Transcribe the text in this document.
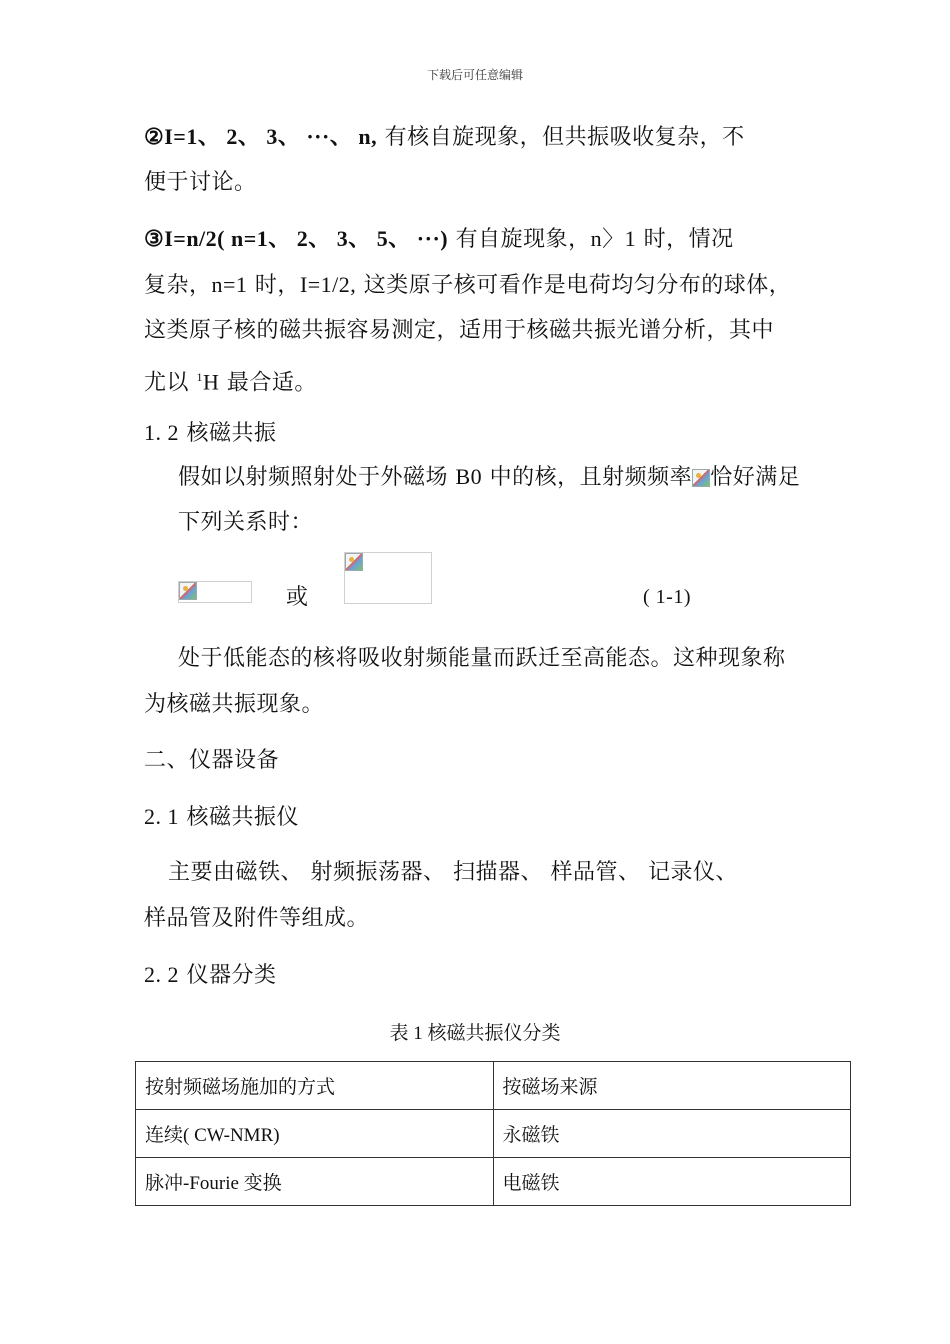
下载后可任意编辑
②I=1、 2、 3、 ···、 n, 有核自旋现象，但共振吸收复杂，不
便于讨论。
③I=n/2( n=1、 2、 3、 5、 ···) 有自旋现象，n〉1 时，情况
复杂，n=1 时，I=1/2, 这类原子核可看作是电荷均匀分布的球体，
这类原子核的磁共振容易测定，适用于核磁共振光谱分析，其中
尤以 $^1$H 最合适。
1. 2 核磁共振
假如以射频照射处于外磁场 B0 中的核，且射频频率 恰好满足
下列关系时：
或	( 1-1)
处于低能态的核将吸收射频能量而跃迁至高能态。这种现象称
为核磁共振现象。
二、仪器设备
2. 1 核磁共振仪
主要由磁铁、 射频振荡器、 扫描器、 样品管、 记录仪、
样品管及附件等组成。
2. 2 仪器分类
表 1 核磁共振仪分类
按射频磁场施加的方式	按磁场来源
连续( CW-NMR)	永磁铁
脉冲-Fourie 变换	电磁铁
